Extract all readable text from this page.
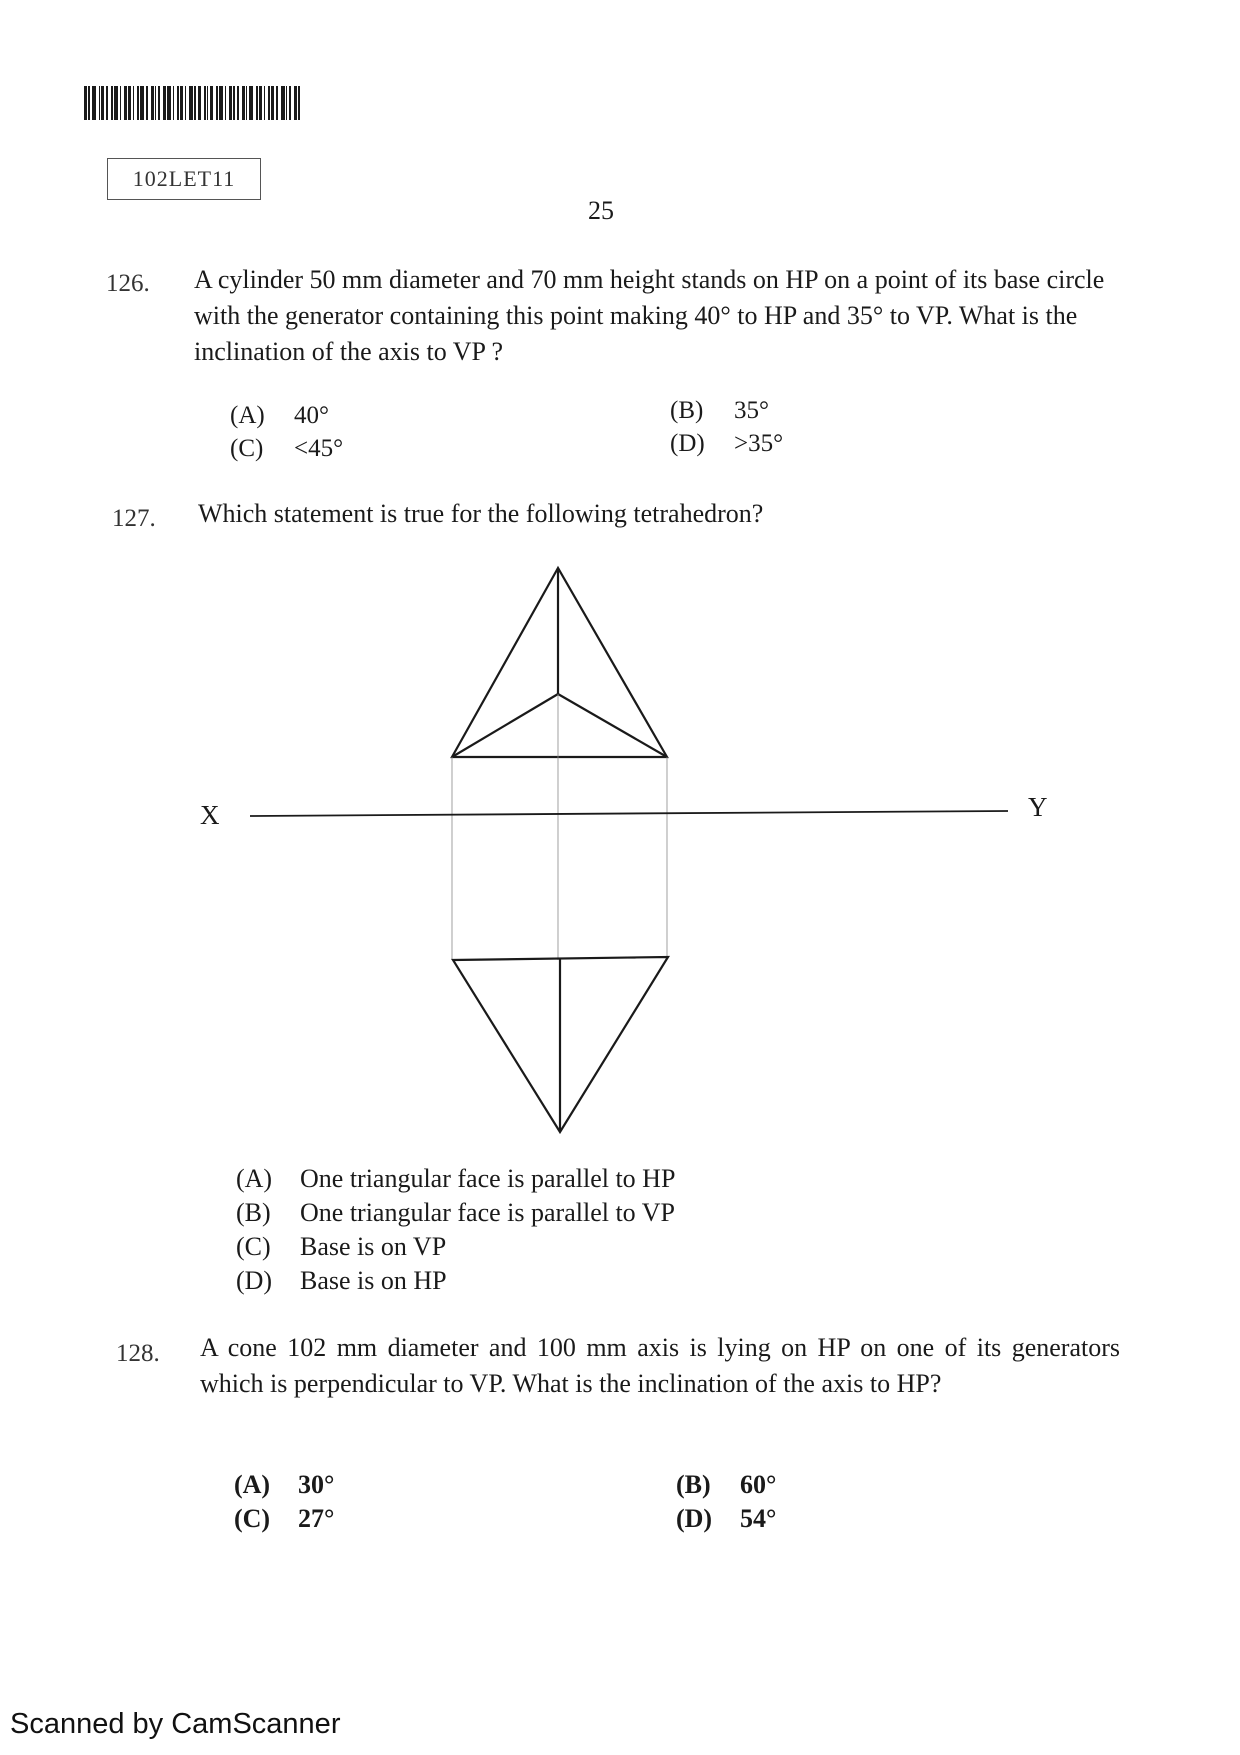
102LET11
25
126. A cylinder 50 mm diameter and 70 mm height stands on HP on a point of its base circle with the generator containing this point making 40° to HP and 35° to VP. What is the inclination of the axis to VP ?
(A) 40°	(B) 35°
(C) <45°	(D) >35°
127. Which statement is true for the following tetrahedron?
X	Y
(A) One triangular face is parallel to HP
(B) One triangular face is parallel to VP
(C) Base is on VP
(D) Base is on HP
128. A cone 102 mm diameter and 100 mm axis is lying on HP on one of its generators which is perpendicular to VP. What is the inclination of the axis to HP?
(A) 30°	(B) 60°
(C) 27°	(D) 54°
Scanned by CamScanner
